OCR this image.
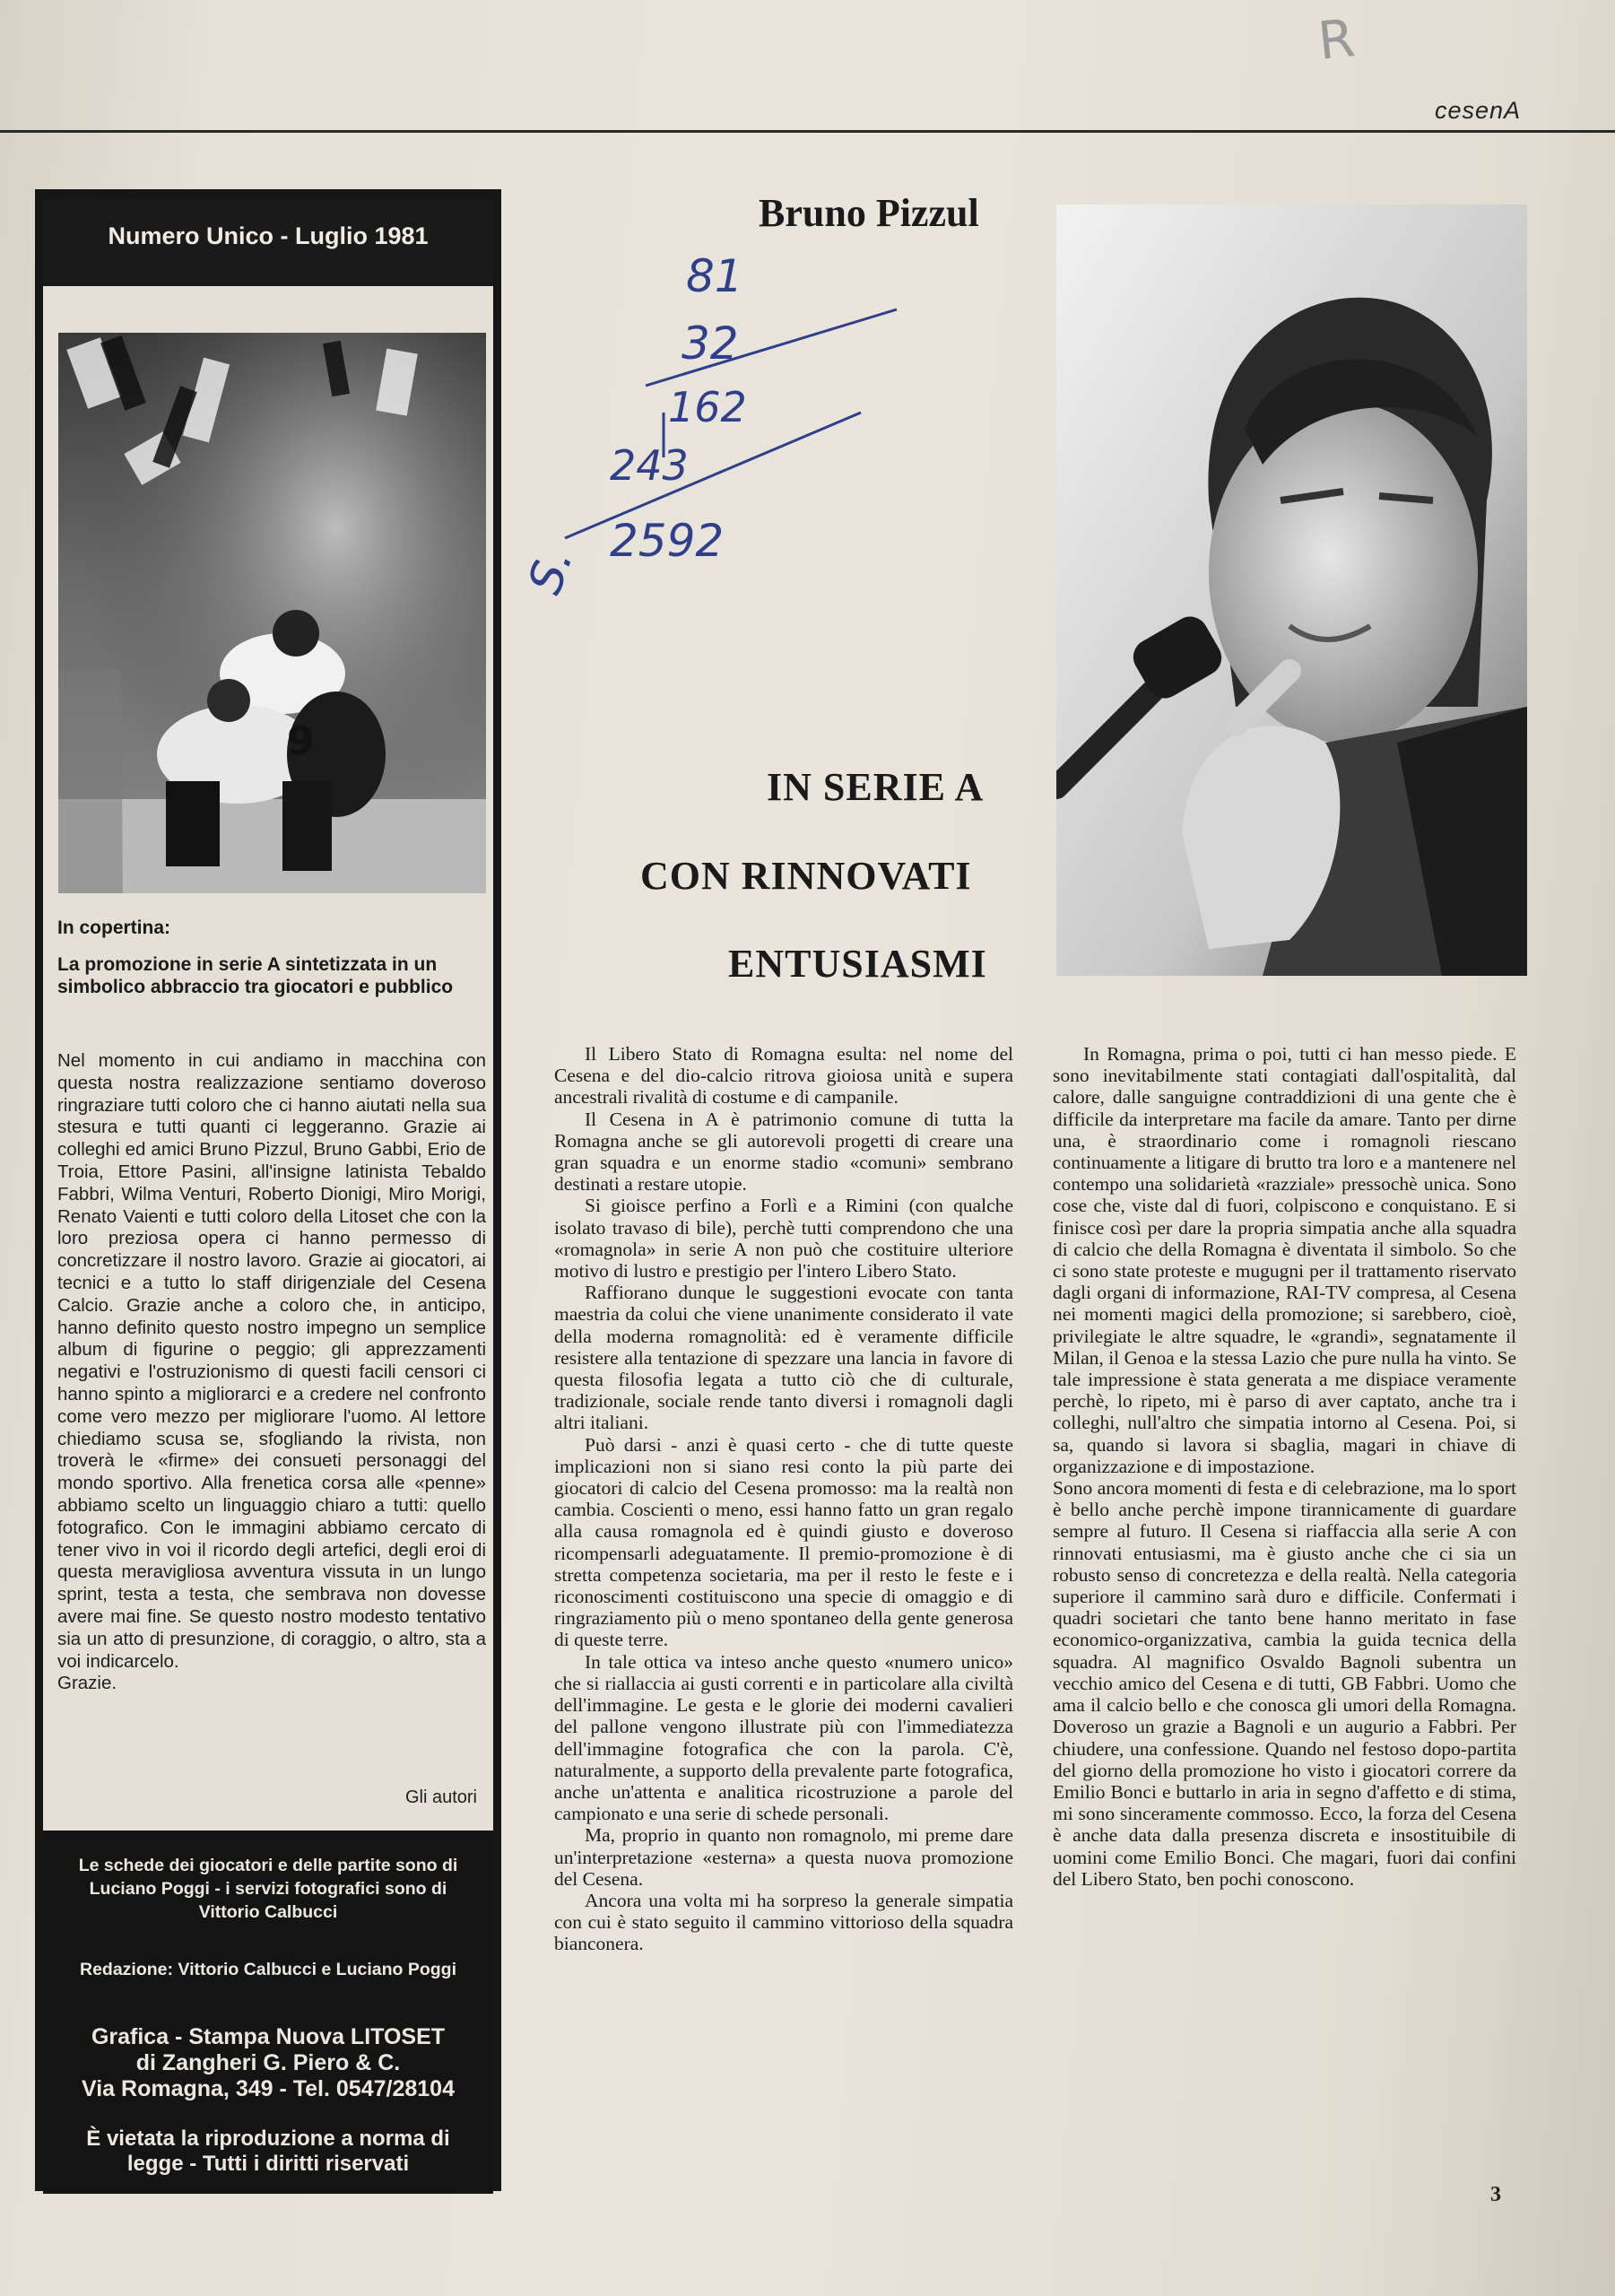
R
cesenA
Numero Unico - Luglio 1981
9
In copertina:
La promozione in serie A sintetizzata in un simbolico abbraccio tra giocatori e pubblico
Nel momento in cui andiamo in macchina con questa nostra realizzazione sentiamo doveroso ringraziare tutti coloro che ci hanno aiutati nella sua stesura e tutti quanti ci leggeranno. Grazie ai colleghi ed amici Bruno Pizzul, Bruno Gabbi, Erio de Troia, Ettore Pasini, all'insigne latinista Tebaldo Fabbri, Wilma Venturi, Roberto Dionigi, Miro Morigi, Renato Vaienti e tutti coloro della Litoset che con la loro preziosa opera ci hanno permesso di concretizzare il nostro lavoro. Grazie ai giocatori, ai tecnici e a tutto lo staff dirigenziale del Cesena Calcio. Grazie anche a coloro che, in anticipo, hanno definito questo nostro impegno un semplice album di figurine o peggio; gli apprezzamenti negativi e l'ostruzionismo di questi facili censori ci hanno spinto a migliorarci e a credere nel confronto come vero mezzo per migliorare l'uomo. Al lettore chiediamo scusa se, sfogliando la rivista, non troverà le «firme» dei consueti personaggi del mondo sportivo. Alla frenetica corsa alle «penne» abbiamo scelto un linguaggio chiaro a tutti: quello fotografico. Con le immagini abbiamo cercato di tener vivo in voi il ricordo degli artefici, degli eroi di questa meravigliosa avventura vissuta in un lungo sprint, testa a testa, che sembrava non dovesse avere mai fine. Se questo nostro modesto tentativo sia un atto di presunzione, di coraggio, o altro, sta a voi indicarcelo.
Grazie.
Gli autori
Le schede dei giocatori e delle partite sono di Luciano Poggi - i servizi fotografici sono di Vittorio Calbucci
Redazione: Vittorio Calbucci e Luciano Poggi
Grafica - Stampa Nuova LITOSET
di Zangheri G. Piero & C.
Via Romagna, 349 - Tel. 0547/28104
È vietata la riproduzione a norma di legge - Tutti i diritti riservati
Bruno Pizzul
IN SERIE A
CON RINNOVATI
ENTUSIASMI
81
32
162
243
2592
S.

Il Libero Stato di Romagna esulta: nel nome del Cesena e del dio-calcio ritrova gioiosa unità e supera ancestrali rivalità di costume e di campanile.

Il Cesena in A è patrimonio comune di tutta la Romagna anche se gli autorevoli progetti di creare una gran squadra e un enorme stadio «comuni» sembrano destinati a restare utopie.

Si gioisce perfino a Forlì e a Rimini (con qualche isolato travaso di bile), perchè tutti comprendono che una «romagnola» in serie A non può che costituire ulteriore motivo di lustro e prestigio per l'intero Libero Stato.

Raffiorano dunque le suggestioni evocate con tanta maestria da colui che viene unanimente considerato il vate della moderna romagnolità: ed è veramente difficile resistere alla tentazione di spezzare una lancia in favore di questa filosofia legata a tutto ciò che di culturale, tradizionale, sociale rende tanto diversi i romagnoli dagli altri italiani.

Può darsi - anzi è quasi certo - che di tutte queste implicazioni non si siano resi conto la più parte dei giocatori di calcio del Cesena promosso: ma la realtà non cambia. Coscienti o meno, essi hanno fatto un gran regalo alla causa romagnola ed è quindi giusto e doveroso ricompensarli adeguatamente. Il premio-promozione è di stretta competenza societaria, ma per il resto le feste e i riconoscimenti costituiscono una specie di omaggio e di ringraziamento più o meno spontaneo della gente generosa di queste terre.

In tale ottica va inteso anche questo «numero unico» che si riallaccia ai gusti correnti e in particolare alla civiltà dell'immagine. Le gesta e le glorie dei moderni cavalieri del pallone vengono illustrate più con l'immediatezza dell'immagine fotografica che con la parola. C'è, naturalmente, a supporto della prevalente parte fotografica, anche un'attenta e analitica ricostruzione a parole del campionato e una serie di schede personali.

Ma, proprio in quanto non romagnolo, mi preme dare un'interpretazione «esterna» a questa nuova promozione del Cesena.

Ancora una volta mi ha sorpreso la generale simpatia con cui è stato seguito il cammino vittorioso della squadra bianconera.

In Romagna, prima o poi, tutti ci han messo piede. E sono inevitabilmente stati contagiati dall'ospitalità, dal calore, dalle sanguigne contraddizioni di una gente che è difficile da interpretare ma facile da amare. Tanto per dirne una, è straordinario come i romagnoli riescano continuamente a litigare di brutto tra loro e a mantenere nel contempo una solidarietà «razziale» pressochè unica. Sono cose che, viste dal di fuori, colpiscono e conquistano. E si finisce così per dare la propria simpatia anche alla squadra di calcio che della Romagna è diventata il simbolo. So che ci sono state proteste e mugugni per il trattamento riservato dagli organi di informazione, RAI-TV compresa, al Cesena nei momenti magici della promozione; si sarebbero, cioè, privilegiate le altre squadre, le «grandi», segnatamente il Milan, il Genoa e la stessa Lazio che pure nulla ha vinto. Se tale impressione è stata generata a me dispiace veramente perchè, lo ripeto, mi è parso di aver captato, anche tra i colleghi, null'altro che simpatia intorno al Cesena. Poi, si sa, quando si lavora si sbaglia, magari in chiave di organizzazione e di impostazione.

Sono ancora momenti di festa e di celebrazione, ma lo sport è bello anche perchè impone tirannicamente di guardare sempre al futuro. Il Cesena si riaffaccia alla serie A con rinnovati entusiasmi, ma è giusto anche che ci sia un robusto senso di concretezza e della realtà. Nella categoria superiore il cammino sarà duro e difficile. Confermati i quadri societari che tanto bene hanno meritato in fase economico-organizzativa, cambia la guida tecnica della squadra. Al magnifico Osvaldo Bagnoli subentra un vecchio amico del Cesena e di tutti, GB Fabbri. Uomo che ama il calcio bello e che conosca gli umori della Romagna. Doveroso un grazie a Bagnoli e un augurio a Fabbri. Per chiudere, una confessione. Quando nel festoso dopo-partita del giorno della promozione ho visto i giocatori correre da Emilio Bonci e buttarlo in aria in segno d'affetto e di stima, mi sono sinceramente commosso. Ecco, la forza del Cesena è anche data dalla presenza discreta e insostituibile di uomini come Emilio Bonci. Che magari, fuori dai confini del Libero Stato, ben pochi conoscono.

3
